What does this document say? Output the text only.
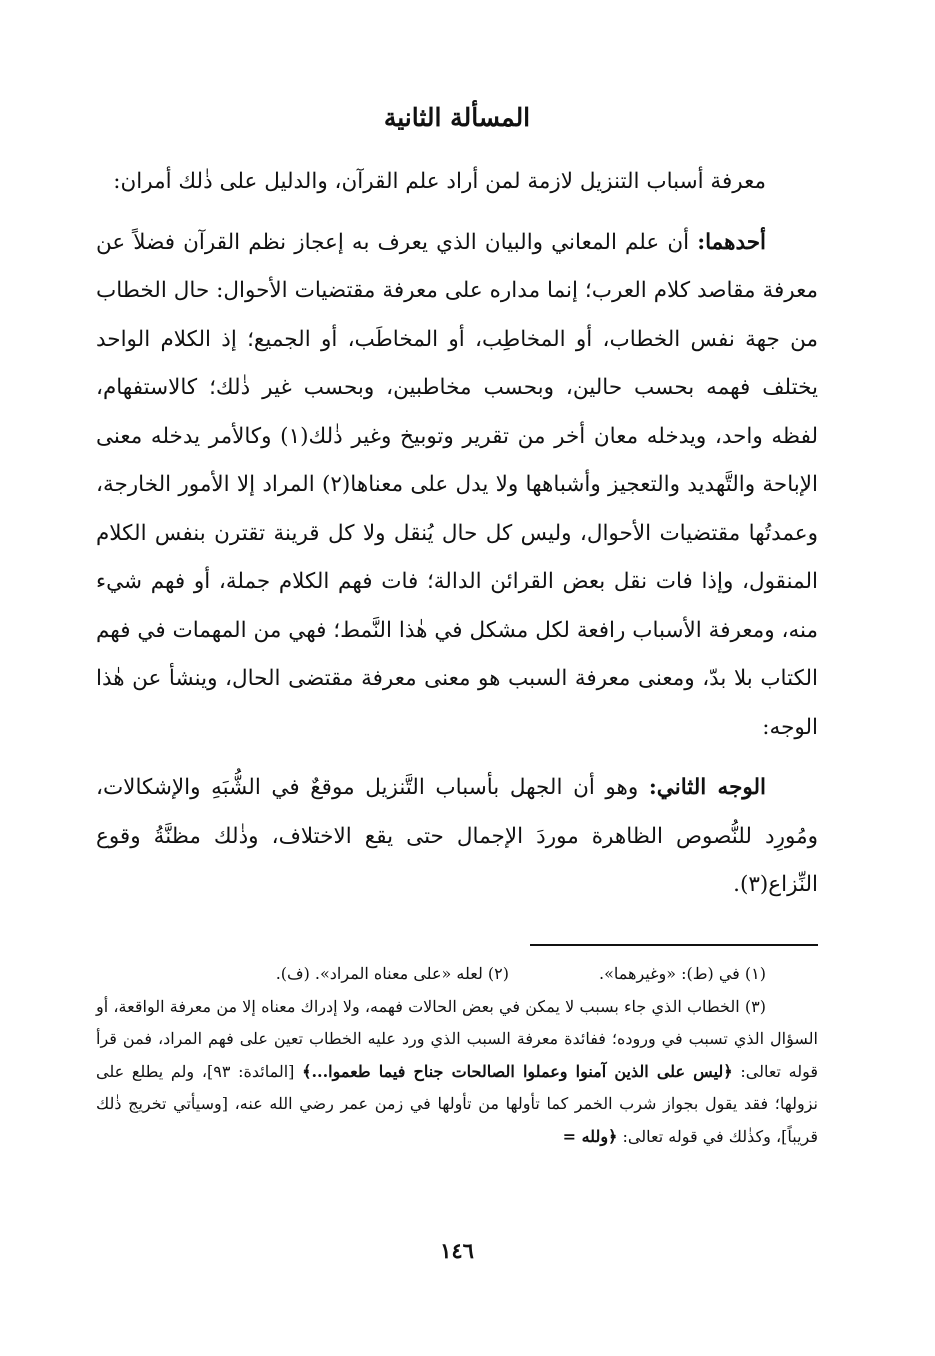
المسألة الثانية

معرفة أسباب التنزيل لازمة لمن أراد علم القرآن، والدليل على ذٰلك أمران:

أحدهما: أن علم المعاني والبيان الذي يعرف به إعجاز نظم القرآن فضلاً عن معرفة مقاصد كلام العرب؛ إنما مداره على معرفة مقتضيات الأحوال: حال الخطاب من جهة نفس الخطاب، أو المخاطِب، أو المخاطَب، أو الجميع؛ إذ الكلام الواحد يختلف فهمه بحسب حالين، وبحسب مخاطبين، وبحسب غير ذٰلك؛ كالاستفهام، لفظه واحد، ويدخله معان أخر من تقرير وتوبيخ وغير ذٰلك(١) وكالأمر يدخله معنى الإباحة والتَّهديد والتعجيز وأشباهها ولا يدل على معناها(٢) المراد إلا الأمور الخارجة، وعمدتُها مقتضيات الأحوال، وليس كل حال يُنقل ولا كل قرينة تقترن بنفس الكلام المنقول، وإذا فات نقل بعض القرائن الدالة؛ فات فهم الكلام جملة، أو فهم شيء منه، ومعرفة الأسباب رافعة لكل مشكل في هٰذا النَّمط؛ فهي من المهمات في فهم الكتاب بلا بدّ، ومعنى معرفة السبب هو معنى معرفة مقتضى الحال، وينشأ عن هٰذا الوجه:

الوجه الثاني: وهو أن الجهل بأسباب التَّنزيل موقعٌ في الشُّبَهِ والإشكالات، ومُورِد للنُّصوص الظاهرة موردَ الإجمال حتى يقع الاختلاف، وذٰلك مظنَّةُ وقوع النِّزاع(٣).

(١) في (ط): «وغيرهما».
(٢) لعله «على معناه المراد». (ف).

(٣) الخطاب الذي جاء بسبب لا يمكن في بعض الحالات فهمه، ولا إدراك معناه إلا من معرفة الواقعة، أو السؤال الذي تسبب في وروده؛ ففائدة معرفة السبب الذي ورد عليه الخطاب تعين على فهم المراد، فمن قرأ قوله تعالى: ﴿ليس على الذين آمنوا وعملوا الصالحات جناح فيما طعموا...﴾ [المائدة: ٩٣]، ولم يطلع على نزولها؛ فقد يقول بجواز شرب الخمر كما تأولها من تأولها في زمن عمر رضي الله عنه، [وسيأتي تخريج ذٰلك قريباً]، وكذٰلك في قوله تعالى: ﴿ولله =

١٤٦
